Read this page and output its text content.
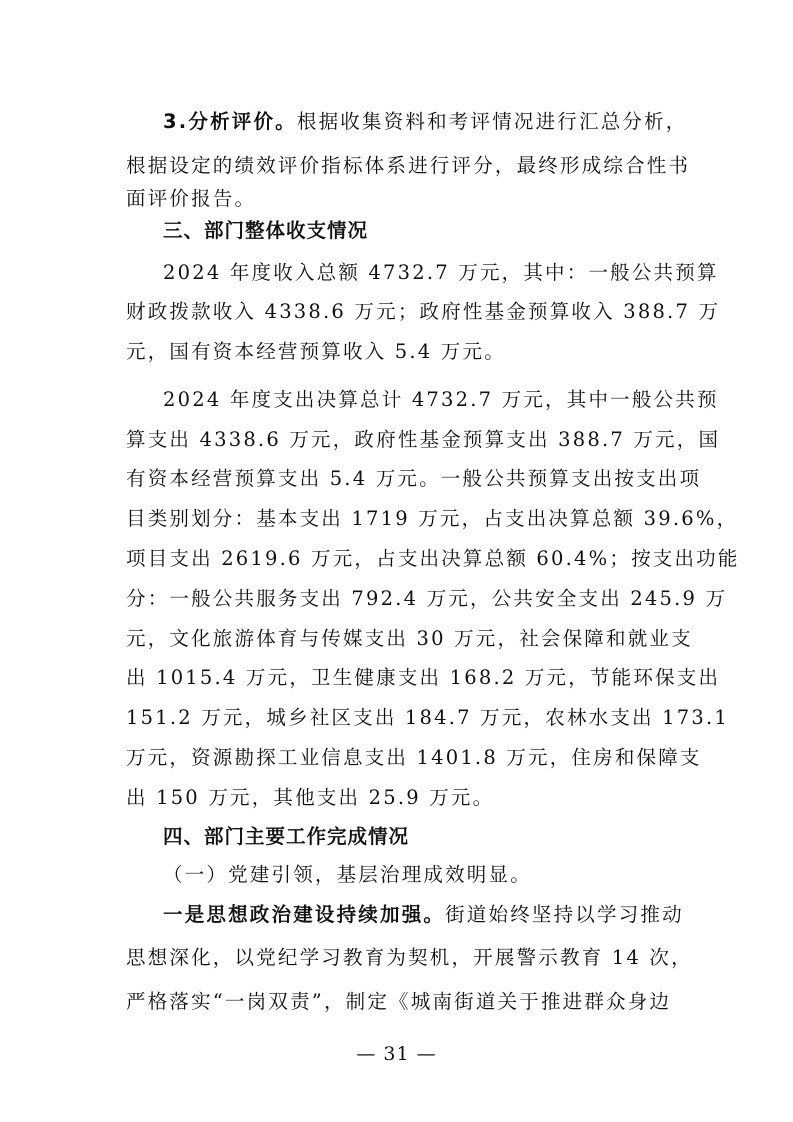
3.分析评价。根据收集资料和考评情况进行汇总分析，
根据设定的绩效评价指标体系进行评分，最终形成综合性书
面评价报告。
三、部门整体收支情况
2024 年度收入总额 4732.7 万元，其中：一般公共预算
财政拨款收入 4338.6 万元；政府性基金预算收入 388.7 万
元，国有资本经营预算收入 5.4 万元。
2024 年度支出决算总计 4732.7 万元，其中一般公共预
算支出 4338.6 万元，政府性基金预算支出 388.7 万元，国
有资本经营预算支出 5.4 万元。一般公共预算支出按支出项
目类别划分：基本支出 1719 万元，占支出决算总额 39.6%，
项目支出 2619.6 万元，占支出决算总额 60.4%；按支出功能
分：一般公共服务支出 792.4 万元，公共安全支出 245.9 万
元，文化旅游体育与传媒支出 30 万元，社会保障和就业支
出 1015.4 万元，卫生健康支出 168.2 万元，节能环保支出
151.2 万元，城乡社区支出 184.7 万元，农林水支出 173.1
万元，资源勘探工业信息支出 1401.8 万元，住房和保障支
出 150 万元，其他支出 25.9 万元。
四、部门主要工作完成情况
（一）党建引领，基层治理成效明显。
一是思想政治建设持续加强。街道始终坚持以学习推动
思想深化，以党纪学习教育为契机，开展警示教育 14 次，
严格落实“一岗双责”，制定《城南街道关于推进群众身边
— 31 —
